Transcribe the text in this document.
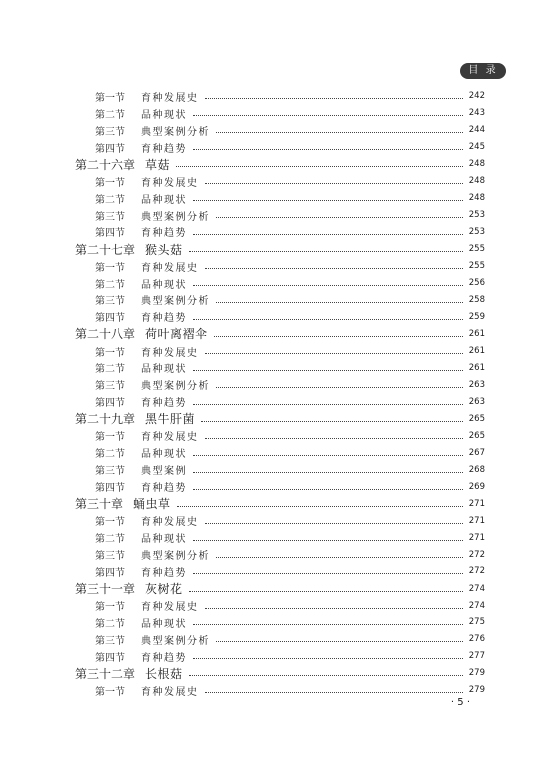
目 录
第一节	育种发展史	242
第二节	品种现状	243
第三节	典型案例分析	244
第四节	育种趋势	245
第二十六章 草菇	248
第一节	育种发展史	248
第二节	品种现状	248
第三节	典型案例分析	253
第四节	育种趋势	253
第二十七章 猴头菇	255
第一节	育种发展史	255
第二节	品种现状	256
第三节	典型案例分析	258
第四节	育种趋势	259
第二十八章 荷叶离褶伞	261
第一节	育种发展史	261
第二节	品种现状	261
第三节	典型案例分析	263
第四节	育种趋势	263
第二十九章 黑牛肝菌	265
第一节	育种发展史	265
第二节	品种现状	267
第三节	典型案例	268
第四节	育种趋势	269
第三十章 蛹虫草	271
第一节	育种发展史	271
第二节	品种现状	271
第三节	典型案例分析	272
第四节	育种趋势	272
第三十一章 灰树花	274
第一节	育种发展史	274
第二节	品种现状	275
第三节	典型案例分析	276
第四节	育种趋势	277
第三十二章 长根菇	279
第一节	育种发展史	279
· 5 ·
